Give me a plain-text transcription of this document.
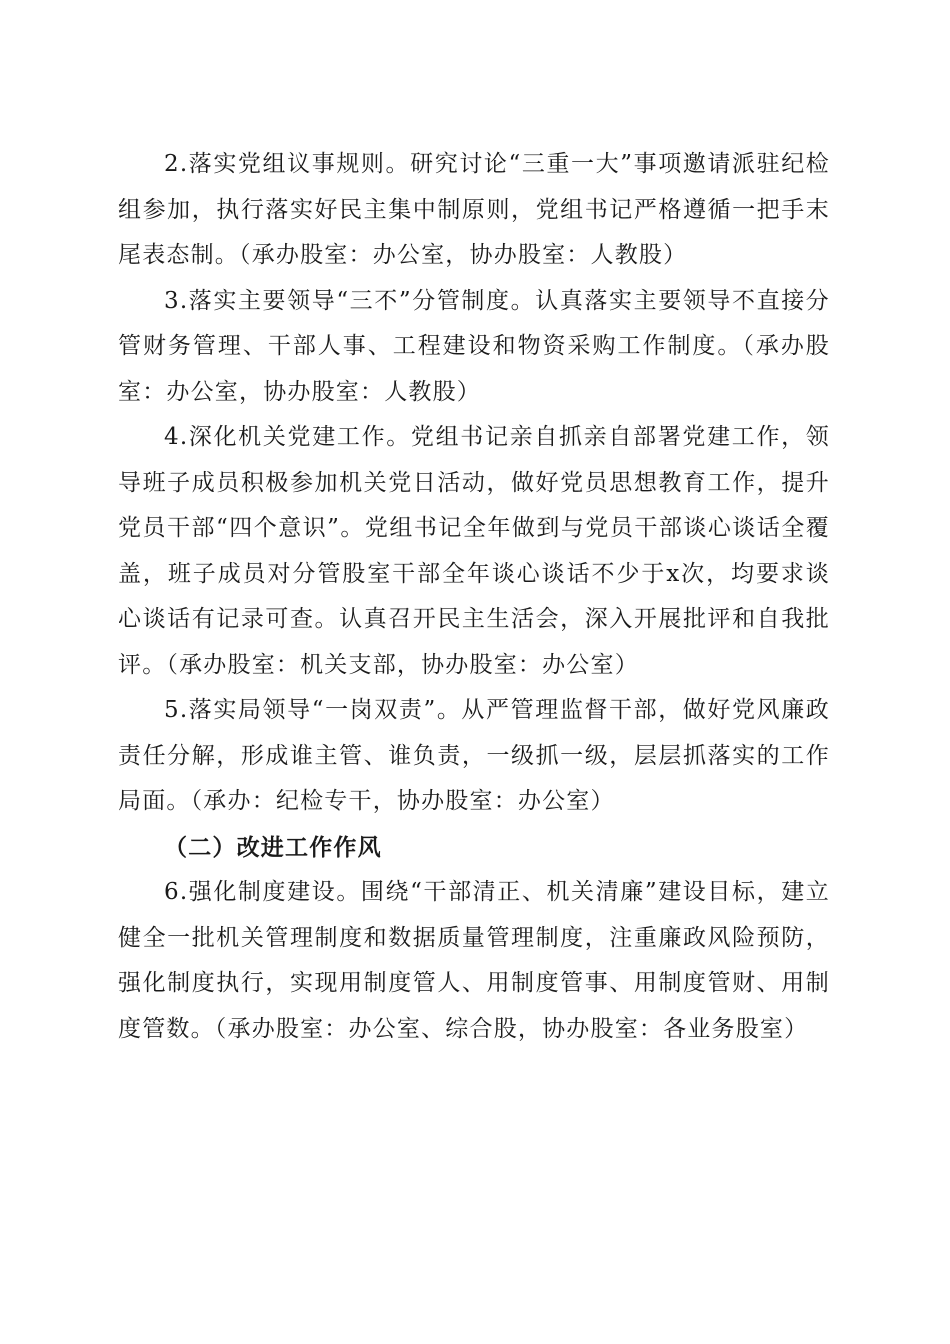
2.落实党组议事规则。研究讨论“三重一大”事项邀请派驻纪检组参加，执行落实好民主集中制原则，党组书记严格遵循一把手末尾表态制。（承办股室：办公室，协办股室：人教股）

3.落实主要领导“三不”分管制度。认真落实主要领导不直接分管财务管理、干部人事、工程建设和物资采购工作制度。（承办股室：办公室，协办股室：人教股）

4.深化机关党建工作。党组书记亲自抓亲自部署党建工作，领导班子成员积极参加机关党日活动，做好党员思想教育工作，提升党员干部“四个意识”。党组书记全年做到与党员干部谈心谈话全覆盖，班子成员对分管股室干部全年谈心谈话不少于x次，均要求谈心谈话有记录可查。认真召开民主生活会，深入开展批评和自我批评。（承办股室：机关支部，协办股室：办公室）

5.落实局领导“一岗双责”。从严管理监督干部，做好党风廉政责任分解，形成谁主管、谁负责，一级抓一级，层层抓落实的工作局面。（承办：纪检专干，协办股室：办公室）

（二）改进工作作风

6.强化制度建设。围绕“干部清正、机关清廉”建设目标，建立健全一批机关管理制度和数据质量管理制度，注重廉政风险预防，强化制度执行，实现用制度管人、用制度管事、用制度管财、用制度管数。（承办股室：办公室、综合股，协办股室：各业务股室）
